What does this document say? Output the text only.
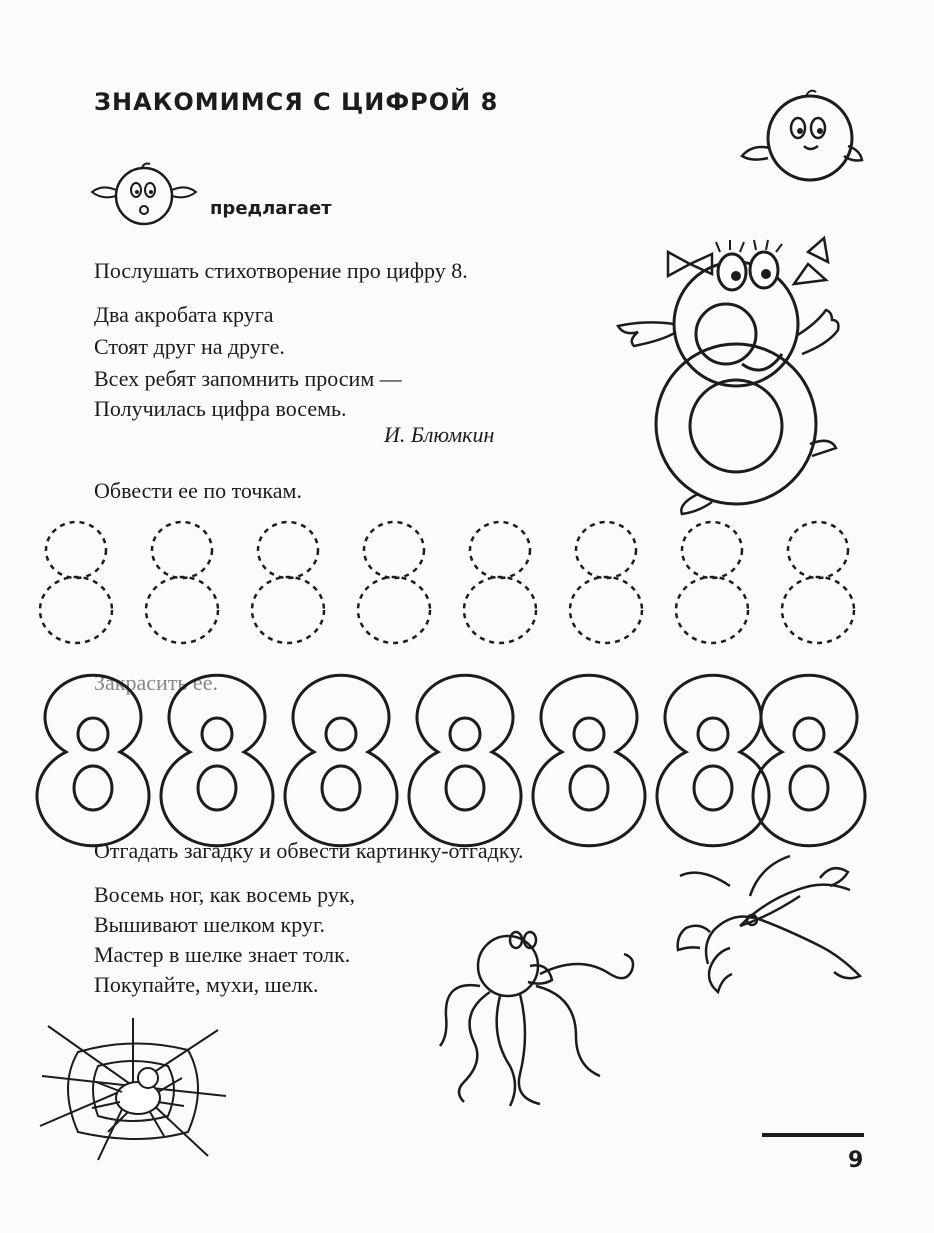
ЗНАКОМИМСЯ С ЦИФРОЙ 8
предлагает
Послушать стихотворение про цифру 8.
Два акробата круга
Стоят друг на друге.
Всех ребят запомнить просим —
Получилась цифра восемь.
И. Блюмкин
Обвести ее по точкам.
Закрасить ее.
Отгадать загадку и обвести картинку-отгадку.
Восемь ног, как восемь рук,
Вышивают шелком круг.
Мастер в шелке знает толк.
Покупайте, мухи, шелк.
9
